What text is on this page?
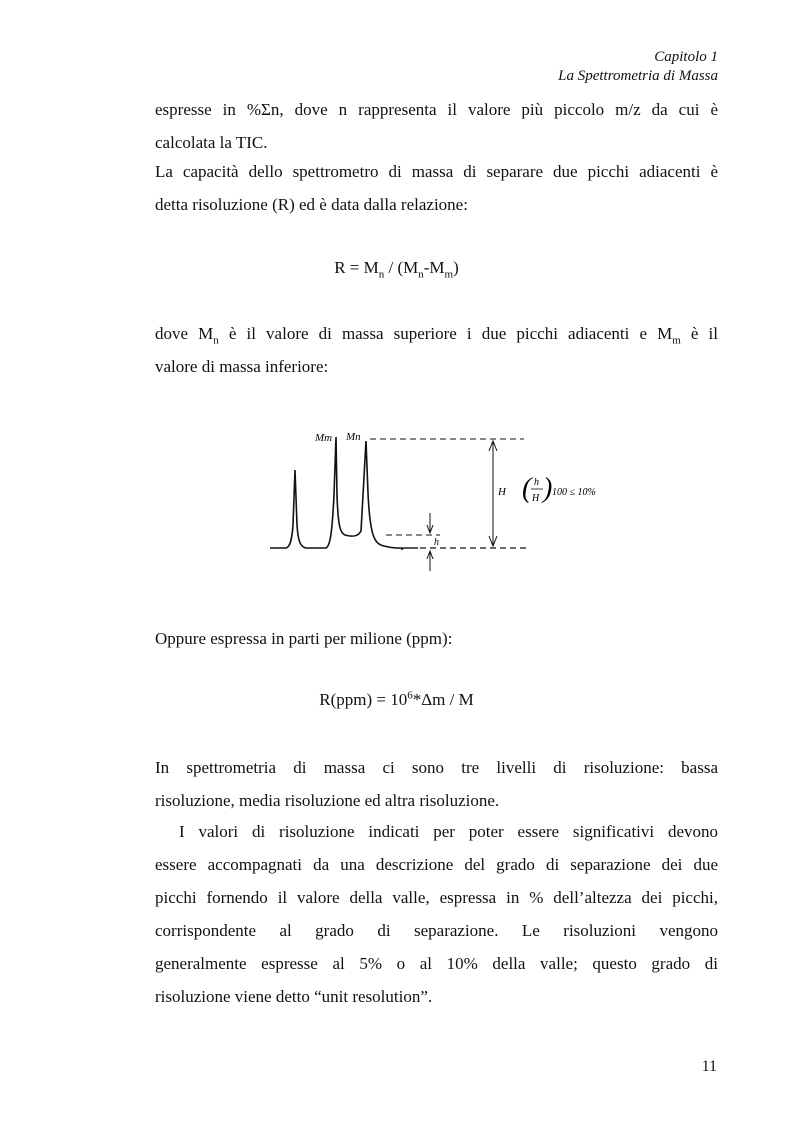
Capitolo 1
La Spettrometria di Massa
espresse in %Σn, dove n rappresenta il valore più piccolo m/z da cui è
calcolata la TIC.
La capacità dello spettrometro di massa di separare due picchi adiacenti è
detta risoluzione (R) ed è data dalla relazione:
$R = M_n / (M_n-M_m)$
dove $M_n$ è il valore di massa superiore i due picchi adiacenti e $M_m$ è il
valore di massa inferiore:
Mm Mn
H
h
( h
H ) 100 ≤ 10%
Oppure espressa in parti per milione (ppm):
$R(ppm) = 10^6*\Delta m / M$
In spettrometria di massa ci sono tre livelli di risoluzione: bassa
risoluzione, media risoluzione ed altra risoluzione.
I valori di risoluzione indicati per poter essere significativi devono
essere accompagnati da una descrizione del grado di separazione dei due
picchi fornendo il valore della valle, espressa in % dell’altezza dei picchi,
corrispondente al grado di separazione. Le risoluzioni vengono
generalmente espresse al 5% o al 10% della valle; questo grado di
risoluzione viene detto “unit resolution”.
11
